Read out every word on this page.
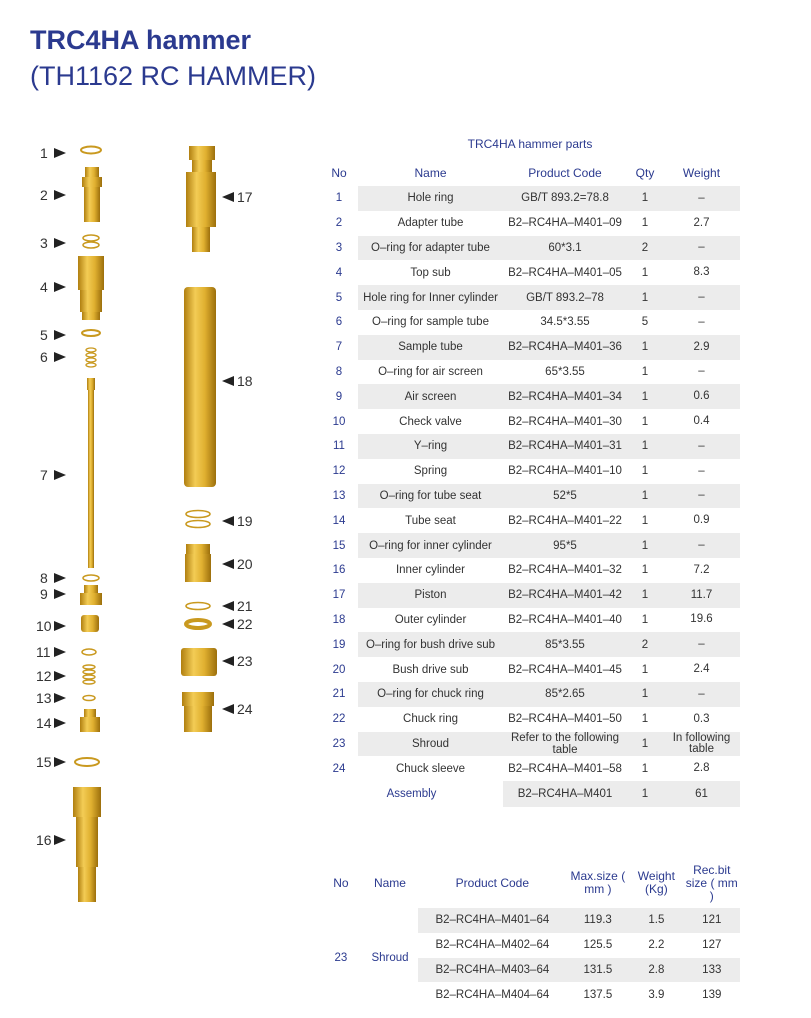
TRC4HA hammer
(TH1162 RC HAMMER)
1
2
3
4
5
6
7
8
9
10
11
12
13
14
15
16
17
18
19
20
21
22
23
24
TRC4HA hammer parts
No	Name	Product Code	Qty	Weight
1	Hole ring	GB/T 893.2=78.8	1	–
2	Adapter tube	B2–RC4HA–M401–09	1	2.7
3	O–ring for adapter tube	60*3.1	2	–
4	Top sub	B2–RC4HA–M401–05	1	8.3
5	Hole ring for Inner cylinder	GB/T 893.2–78	1	–
6	O–ring for sample tube	34.5*3.55	5	–
7	Sample tube	B2–RC4HA–M401–36	1	2.9
8	O–ring for air screen	65*3.55	1	–
9	Air screen	B2–RC4HA–M401–34	1	0.6
10	Check valve	B2–RC4HA–M401–30	1	0.4
11	Y–ring	B2–RC4HA–M401–31	1	–
12	Spring	B2–RC4HA–M401–10	1	–
13	O–ring for tube seat	52*5	1	–
14	Tube seat	B2–RC4HA–M401–22	1	0.9
15	O–ring for inner cylinder	95*5	1	–
16	Inner cylinder	B2–RC4HA–M401–32	1	7.2
17	Piston	B2–RC4HA–M401–42	1	11.7
18	Outer cylinder	B2–RC4HA–M401–40	1	19.6
19	O–ring for bush drive sub	85*3.55	2	–
20	Bush drive sub	B2–RC4HA–M401–45	1	2.4
21	O–ring for chuck ring	85*2.65	1	–
22	Chuck ring	B2–RC4HA–M401–50	1	0.3
23	Shroud	Refer to the following table	1	In following table
24	Chuck sleeve	B2–RC4HA–M401–58	1	2.8
Assembly		B2–RC4HA–M401	1	61
No	Name	Product Code	Max.size ( mm )	Weight (Kg)	Rec.bit size ( mm )
23	Shroud	B2–RC4HA–M401–64	119.3	1.5	121
		B2–RC4HA–M402–64	125.5	2.2	127
		B2–RC4HA–M403–64	131.5	2.8	133
		B2–RC4HA–M404–64	137.5	3.9	139
